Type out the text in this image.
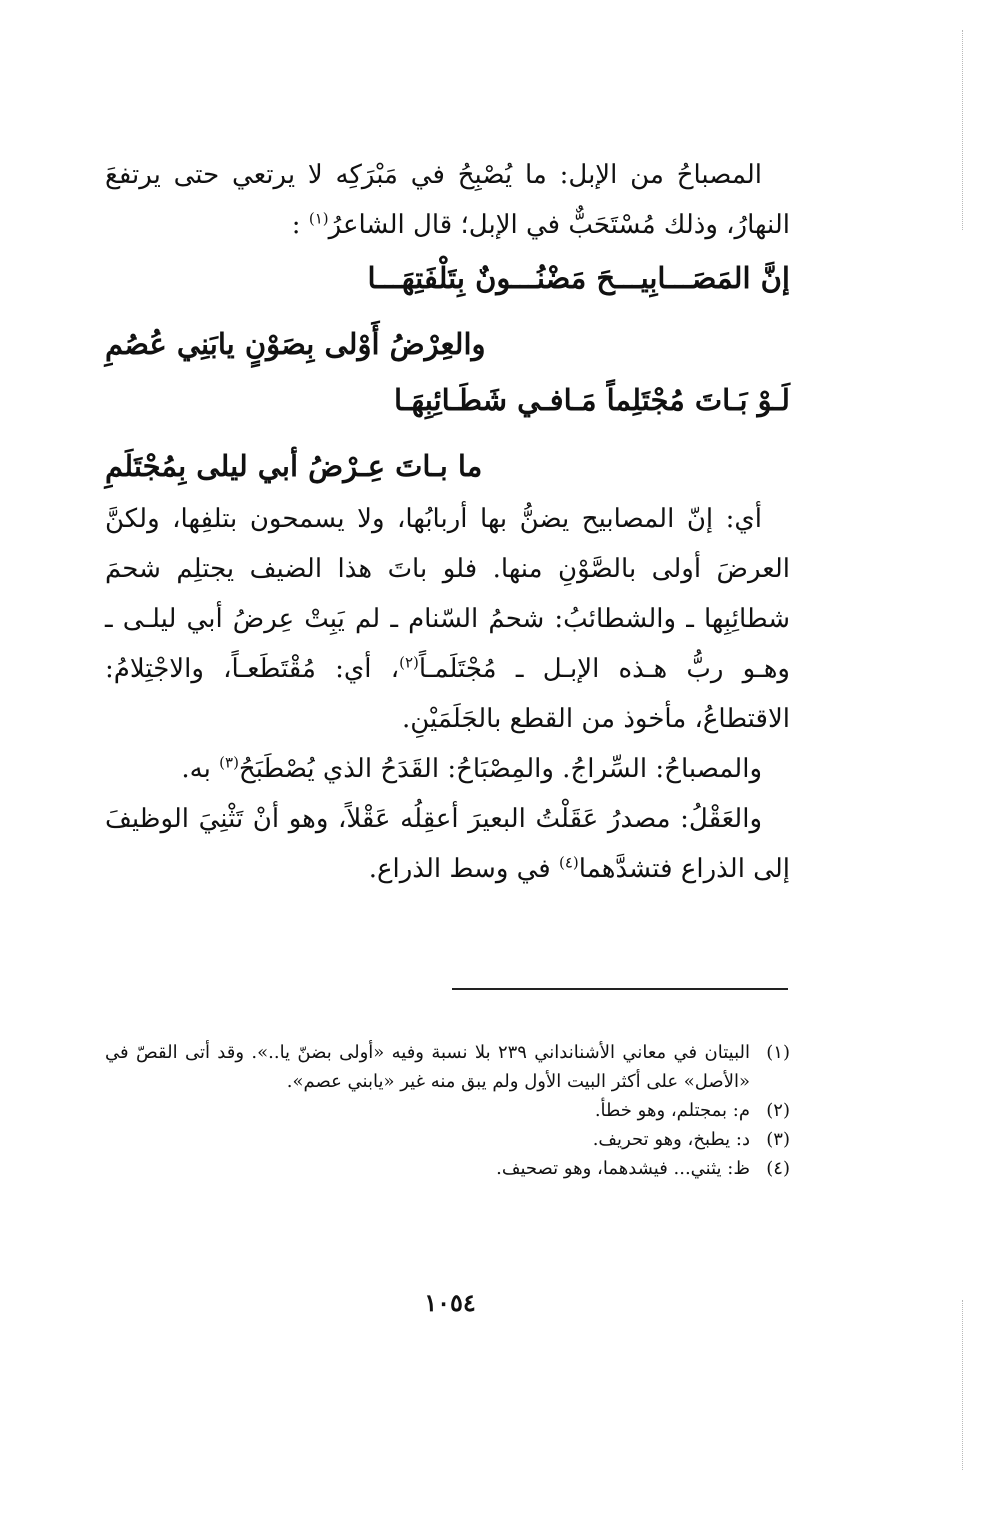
المصباحُ من الإبل: ما يُصْبِحُ في مَبْرَكِه لا يرتعي حتى يرتفعَ النهارُ، وذلك مُسْتَحَبٌّ في الإبل؛ قال الشاعرُ$^{(١)}$ :

إنَّ المَصَـــابِيـــحَ مَضْنُـــونٌ بِتَلْفَتِهَـــا

والعِرْضُ أَوْلى بِصَوْنٍ يابَنِي عُصُمِ

لَـوْ بَـاتَ مُجْتَلِماً مَـافـي شَطَـائِبِهَـا

ما بـاتَ عِـرْضُ أبي ليلى بِمُجْتَلَمِ

أي: إنّ المصابيح يضنُّ بها أربابُها، ولا يسمحون بتلفِها، ولكنَّ العرضَ أولى بالصَّوْنِ منها. فلو باتَ هذا الضيف يجتلِم شحمَ شطائِبِها ـ والشطائبُ: شحمُ السّنام ـ لم يَبِتْ عِرضُ أبي ليلـى ـ وهـو ربُّ هـذه الإبـل ـ مُجْتَلَمـاً$^{(٢)}$، أي: مُقْتَطَعـاً، والاجْتِلامُ: الاقتطاعُ، مأخوذ من القطع بالجَلَمَيْنِ.

والمصباحُ: السِّراجُ. والمِصْبَاحُ: القَدَحُ الذي يُصْطَبَحُ$^{(٣)}$ به.

والعَقْلُ: مصدرُ عَقَلْتُ البعيرَ أعقِلُه عَقْلاً، وهو أنْ تَثْنِيَ الوظيفَ إلى الذراع فتشدَّهما$^{(٤)}$ في وسط الذراع.

(١)
البيتان في معاني الأشنانداني ٢٣٩ بلا نسبة وفيه «أولى بضنّ يا..». وقد أتى القصّ في «الأصل» على أكثر البيت الأول ولم يبق منه غير «يابني عصم».
(٢)
م: بمجتلم، وهو خطأ.
(٣)
د: يطبخ، وهو تحريف.
(٤)
ظ: يثني... فيشدهما، وهو تصحيف.
١٠٥٤
